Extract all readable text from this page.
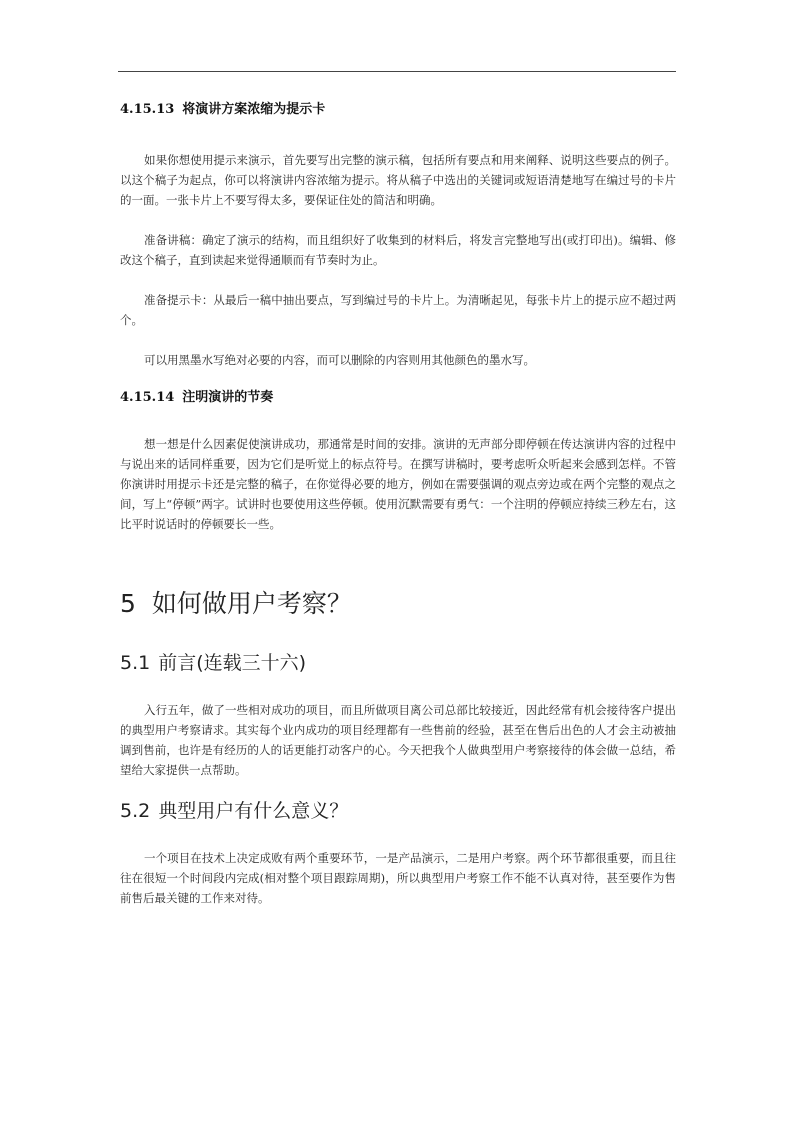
4.15.13 将演讲方案浓缩为提示卡

如果你想使用提示来演示，首先要写出完整的演示稿，包括所有要点和用来阐释、说明这些要点的例子。以这个稿子为起点，你可以将演讲内容浓缩为提示。将从稿子中选出的关键词或短语清楚地写在编过号的卡片的一面。一张卡片上不要写得太多，要保证住处的简洁和明确。

准备讲稿：确定了演示的结构，而且组织好了收集到的材料后，将发言完整地写出(或打印出)。编辑、修改这个稿子，直到读起来觉得通顺而有节奏时为止。

准备提示卡：从最后一稿中抽出要点，写到编过号的卡片上。为清晰起见，每张卡片上的提示应不超过两个。

可以用黑墨水写绝对必要的内容，而可以删除的内容则用其他颜色的墨水写。

4.15.14 注明演讲的节奏

想一想是什么因素促使演讲成功，那通常是时间的安排。演讲的无声部分即停顿在传达演讲内容的过程中与说出来的话同样重要，因为它们是听觉上的标点符号。在撰写讲稿时，要考虑听众听起来会感到怎样。不管你演讲时用提示卡还是完整的稿子，在你觉得必要的地方，例如在需要强调的观点旁边或在两个完整的观点之间，写上“停顿”两字。试讲时也要使用这些停顿。使用沉默需要有勇气：一个注明的停顿应持续三秒左右，这比平时说话时的停顿要长一些。

5 如何做用户考察？
5.1 前言(连载三十六)

入行五年，做了一些相对成功的项目，而且所做项目离公司总部比较接近，因此经常有机会接待客户提出的典型用户考察请求。其实每个业内成功的项目经理都有一些售前的经验，甚至在售后出色的人才会主动被抽调到售前，也许是有经历的人的话更能打动客户的心。今天把我个人做典型用户考察接待的体会做一总结，希望给大家提供一点帮助。

5.2 典型用户有什么意义？

一个项目在技术上决定成败有两个重要环节，一是产品演示，二是用户考察。两个环节都很重要，而且往往在很短一个时间段内完成(相对整个项目跟踪周期)，所以典型用户考察工作不能不认真对待，甚至要作为售前售后最关键的工作来对待。
